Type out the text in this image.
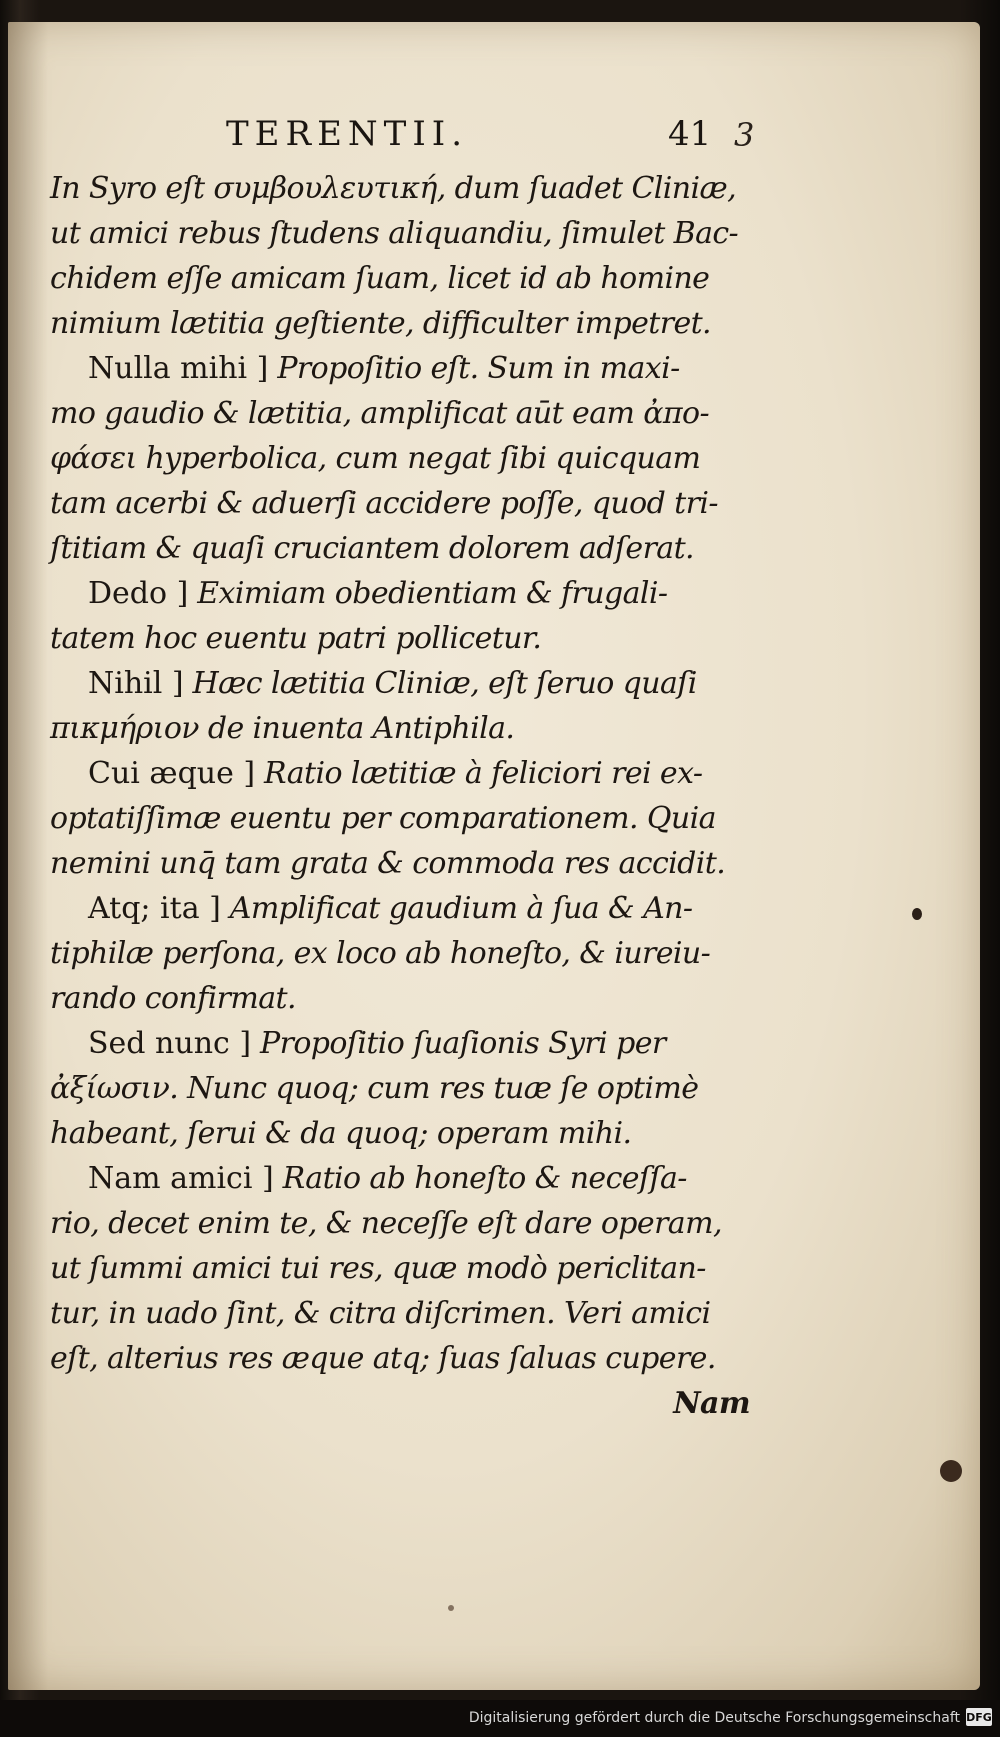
TERENTII.	41 3
In Syro eſt συμβουλευτική, dum ſuadet Cliniæ,
ut amici rebus ſtudens aliquandiu, ſimulet Bac-
chidem eſſe amicam ſuam, licet id ab homine
nimium lætitia geſtiente, difficulter impetret.
Nulla mihi ] Propoſitio eſt. Sum in maxi-
mo gaudio & lætitia, amplificat aūt eam ἀπο-
φάσει hyperbolica, cum negat ſibi quicquam
tam acerbi & aduerſi accidere poſſe, quod tri-
ſtitiam & quaſi cruciantem dolorem adſerat.
Dedo ] Eximiam obedientiam & frugali-
tatem hoc euentu patri pollicetur.
Nihil ] Hæc lætitia Cliniæ, eſt ſeruo quaſi
πικμήριον de inuenta Antiphila.
Cui æque ] Ratio lætitiæ à feliciori rei ex-
optatiſſimæ euentu per comparationem. Quia
nemini unq̄ tam grata & commoda res accidit.
Atq; ita ] Amplificat gaudium à ſua & An-
tiphilæ perſona, ex loco ab honeſto, & iureiu-
rando confirmat.
Sed nunc ] Propoſitio ſuaſionis Syri per
ἀξίωσιν. Nunc quoq; cum res tuæ ſe optimè
habeant, ſerui & da quoq; operam mihi.
Nam amici ] Ratio ab honeſto & neceſſa-
rio, decet enim te, & neceſſe eſt dare operam,
ut ſummi amici tui res, quæ modò periclitan-
tur, in uado ſint, & citra diſcrimen. Veri amici
eſt, alterius res æque atq; ſuas ſaluas cupere.
Nam
Digitalisierung gefördert durch die Deutsche Forschungsgemeinschaft DFG
